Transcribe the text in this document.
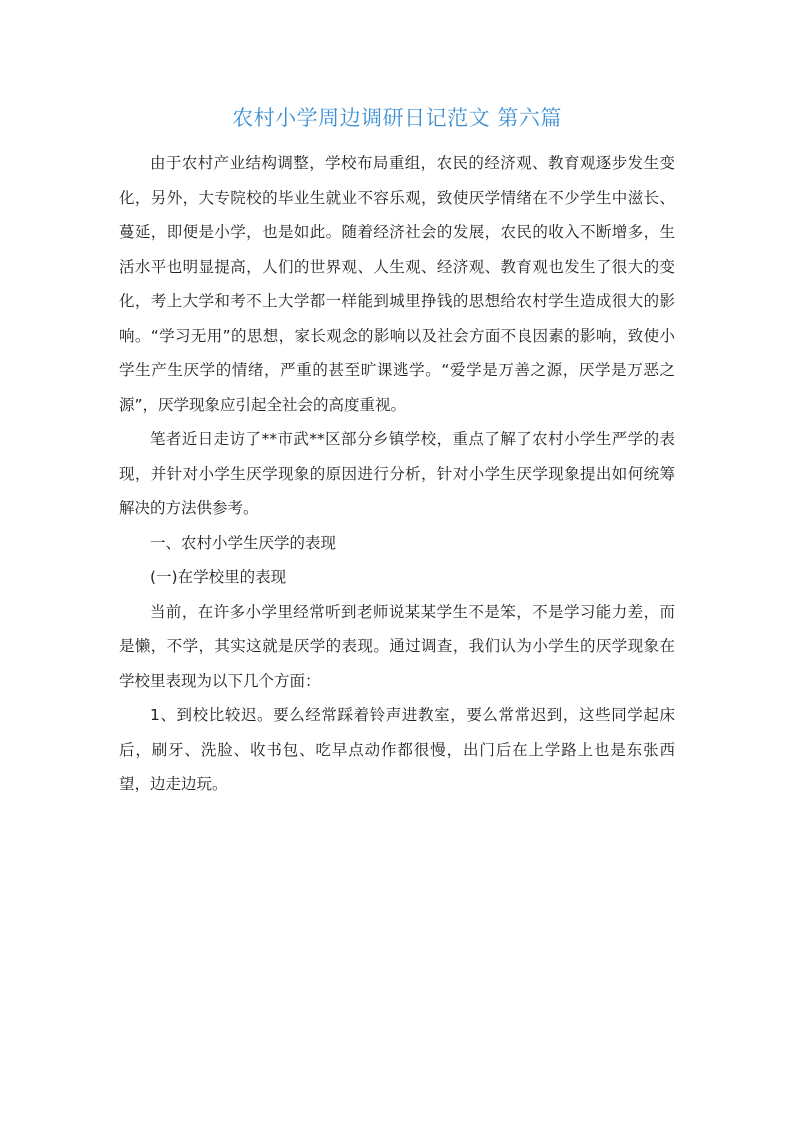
农村小学周边调研日记范文 第六篇

由于农村产业结构调整，学校布局重组，农民的经济观、教育观逐步发生变化，另外，大专院校的毕业生就业不容乐观，致使厌学情绪在不少学生中滋长、蔓延，即便是小学，也是如此。随着经济社会的发展，农民的收入不断增多，生活水平也明显提高，人们的世界观、人生观、经济观、教育观也发生了很大的变化，考上大学和考不上大学都一样能到城里挣钱的思想给农村学生造成很大的影响。“学习无用”的思想，家长观念的影响以及社会方面不良因素的影响，致使小学生产生厌学的情绪，严重的甚至旷课逃学。“爱学是万善之源，厌学是万恶之源”，厌学现象应引起全社会的高度重视。

笔者近日走访了**市武**区部分乡镇学校，重点了解了农村小学生严学的表现，并针对小学生厌学现象的原因进行分析，针对小学生厌学现象提出如何统筹解决的方法供参考。

一、农村小学生厌学的表现

(一)在学校里的表现

当前，在许多小学里经常听到老师说某某学生不是笨，不是学习能力差，而是懒，不学，其实这就是厌学的表现。通过调查，我们认为小学生的厌学现象在学校里表现为以下几个方面：

1、到校比较迟。要么经常踩着铃声进教室，要么常常迟到，这些同学起床后，刷牙、洗脸、收书包、吃早点动作都很慢，出门后在上学路上也是东张西望，边走边玩。
